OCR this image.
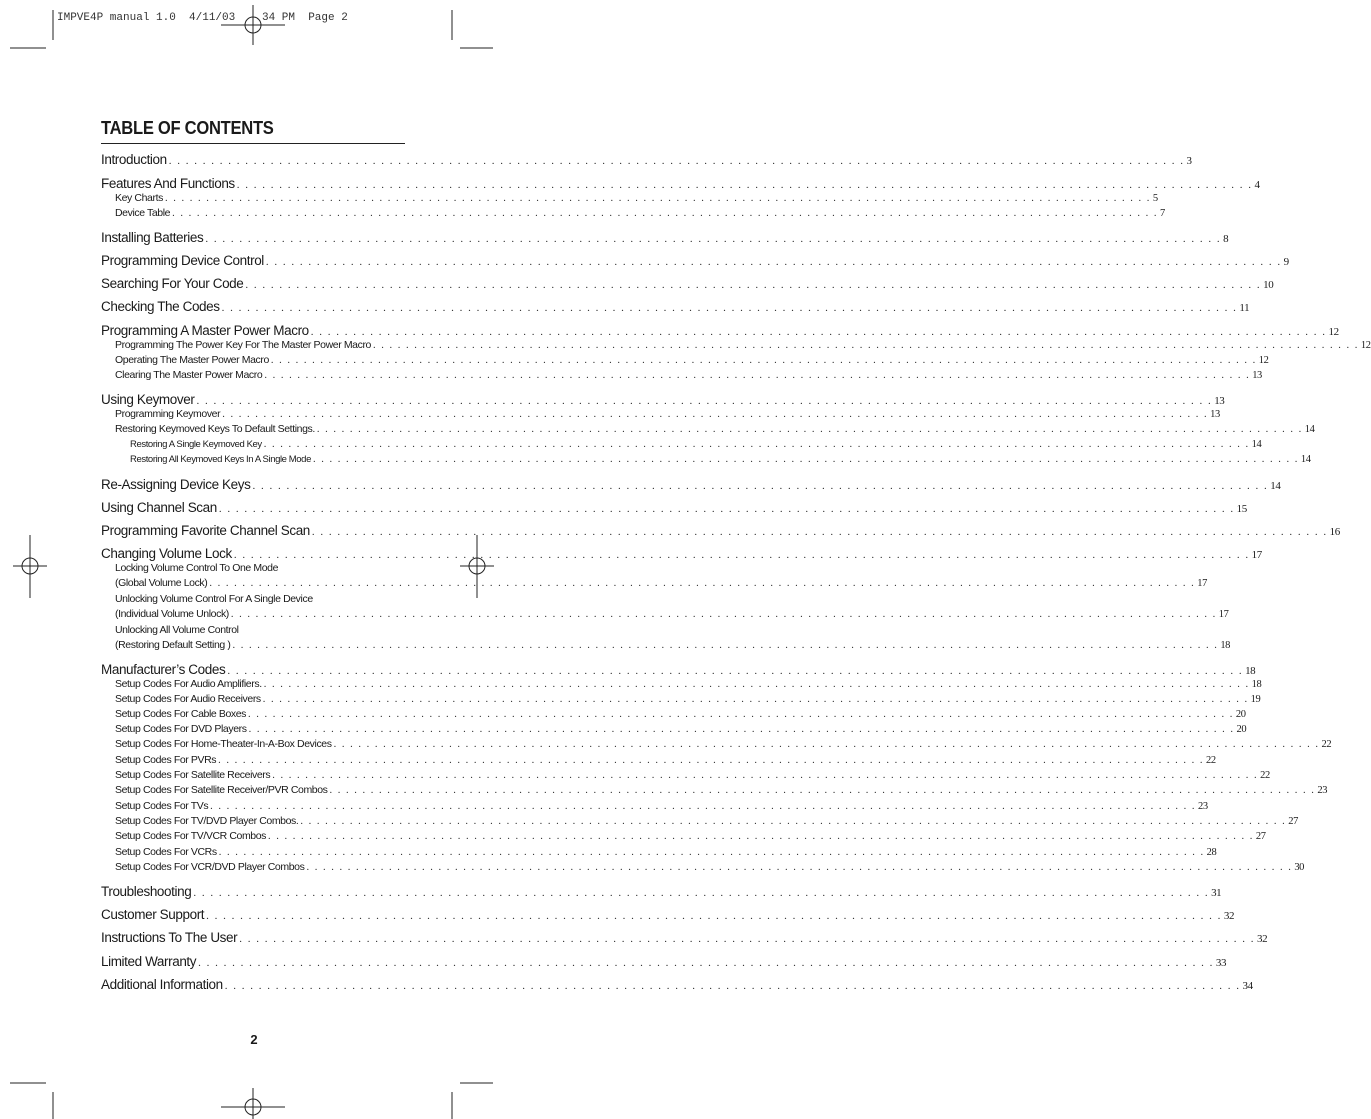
IMPVE4P manual 1.0  4/11/03 34 PM  Page 2
TABLE OF CONTENTS
Introduction . . . . . . . . . . . . . . . . . . . . . . . . . . . . . . . . . . . . . . . . . . . . . . . . . . . . . . . . . . . . . . . . . . . . . . . . . . . . . . . . . . . . . . . . . . . . . . . . . . . . . . . . . . . . . . . . . . . . . . . . 3
Features And Functions . . . . . . . . . . . . . . . . . . . . . . . . . . . . . . . . . . . . . . . . . . . . . . . . . . . . . . . . . . . . . . . . . . . . . . . . . . . . . . . . . . . . . . . . . . . . . . . . . . . . . . . . . . . . . . . . . . . . . . . . 4
Key Charts . . . . . . . . . . . . . . . . . . . . . . . . . . . . . . . . . . . . . . . . . . . . . . . . . . . . . . . . . . . . . . . . . . . . . . . . . . . . . . . . . . . . . . . . . . . . . . . . . . . . . . . . . . . . . . . . . . . . . . . . 5
Device Table . . . . . . . . . . . . . . . . . . . . . . . . . . . . . . . . . . . . . . . . . . . . . . . . . . . . . . . . . . . . . . . . . . . . . . . . . . . . . . . . . . . . . . . . . . . . . . . . . . . . . . . . . . . . . . . . . . . . . . . . 7
Installing Batteries . . . . . . . . . . . . . . . . . . . . . . . . . . . . . . . . . . . . . . . . . . . . . . . . . . . . . . . . . . . . . . . . . . . . . . . . . . . . . . . . . . . . . . . . . . . . . . . . . . . . . . . . . . . . . . . . . . . . . . . . 8
Programming Device Control . . . . . . . . . . . . . . . . . . . . . . . . . . . . . . . . . . . . . . . . . . . . . . . . . . . . . . . . . . . . . . . . . . . . . . . . . . . . . . . . . . . . . . . . . . . . . . . . . . . . . . . . . . . . . . . . . . . . . . . . 9
Searching For Your Code . . . . . . . . . . . . . . . . . . . . . . . . . . . . . . . . . . . . . . . . . . . . . . . . . . . . . . . . . . . . . . . . . . . . . . . . . . . . . . . . . . . . . . . . . . . . . . . . . . . . . . . . . . . . . . . . . . . . . . . . 10
Checking The Codes . . . . . . . . . . . . . . . . . . . . . . . . . . . . . . . . . . . . . . . . . . . . . . . . . . . . . . . . . . . . . . . . . . . . . . . . . . . . . . . . . . . . . . . . . . . . . . . . . . . . . . . . . . . . . . . . . . . . . . . . 11
Programming A Master Power Macro . . . . . . . . . . . . . . . . . . . . . . . . . . . . . . . . . . . . . . . . . . . . . . . . . . . . . . . . . . . . . . . . . . . . . . . . . . . . . . . . . . . . . . . . . . . . . . . . . . . . . . . . . . . . . . . . . . . . . . . . 12
Programming The Power Key For The Master Power Macro . . . . . . . . . . . . . . . . . . . . . . . . . . . . . . . . . . . . . . . . . . . . . . . . . . . . . . . . . . . . . . . . . . . . . . . . . . . . . . . . . . . . . . . . . . . . . . . . . . . . . . . . . . . . . . . . . . . . . . . . 12
Operating The Master Power Macro . . . . . . . . . . . . . . . . . . . . . . . . . . . . . . . . . . . . . . . . . . . . . . . . . . . . . . . . . . . . . . . . . . . . . . . . . . . . . . . . . . . . . . . . . . . . . . . . . . . . . . . . . . . . . . . . . . . . . . . . 12
Clearing The Master Power Macro . . . . . . . . . . . . . . . . . . . . . . . . . . . . . . . . . . . . . . . . . . . . . . . . . . . . . . . . . . . . . . . . . . . . . . . . . . . . . . . . . . . . . . . . . . . . . . . . . . . . . . . . . . . . . . . . . . . . . . . . 13
Using Keymover . . . . . . . . . . . . . . . . . . . . . . . . . . . . . . . . . . . . . . . . . . . . . . . . . . . . . . . . . . . . . . . . . . . . . . . . . . . . . . . . . . . . . . . . . . . . . . . . . . . . . . . . . . . . . . . . . . . . . . . . 13
Programming Keymover . . . . . . . . . . . . . . . . . . . . . . . . . . . . . . . . . . . . . . . . . . . . . . . . . . . . . . . . . . . . . . . . . . . . . . . . . . . . . . . . . . . . . . . . . . . . . . . . . . . . . . . . . . . . . . . . . . . . . . . . 13
Restoring Keymoved Keys To Default Settings. . . . . . . . . . . . . . . . . . . . . . . . . . . . . . . . . . . . . . . . . . . . . . . . . . . . . . . . . . . . . . . . . . . . . . . . . . . . . . . . . . . . . . . . . . . . . . . . . . . . . . . . . . . . . . . . . . . . . . . . . 14
Restoring A Single Keymoved Key . . . . . . . . . . . . . . . . . . . . . . . . . . . . . . . . . . . . . . . . . . . . . . . . . . . . . . . . . . . . . . . . . . . . . . . . . . . . . . . . . . . . . . . . . . . . . . . . . . . . . . . . . . . . . . . . . . . . . . . . 14
Restoring All Keymoved Keys In A Single Mode . . . . . . . . . . . . . . . . . . . . . . . . . . . . . . . . . . . . . . . . . . . . . . . . . . . . . . . . . . . . . . . . . . . . . . . . . . . . . . . . . . . . . . . . . . . . . . . . . . . . . . . . . . . . . . . . . . . . . . . . 14
Re-Assigning Device Keys . . . . . . . . . . . . . . . . . . . . . . . . . . . . . . . . . . . . . . . . . . . . . . . . . . . . . . . . . . . . . . . . . . . . . . . . . . . . . . . . . . . . . . . . . . . . . . . . . . . . . . . . . . . . . . . . . . . . . . . . 14
Using Channel Scan . . . . . . . . . . . . . . . . . . . . . . . . . . . . . . . . . . . . . . . . . . . . . . . . . . . . . . . . . . . . . . . . . . . . . . . . . . . . . . . . . . . . . . . . . . . . . . . . . . . . . . . . . . . . . . . . . . . . . . . . 15
Programming Favorite Channel Scan . . . . . . . . . . . . . . . . . . . . . . . . . . . . . . . . . . . . . . . . . . . . . . . . . . . . . . . . . . . . . . . . . . . . . . . . . . . . . . . . . . . . . . . . . . . . . . . . . . . . . . . . . . . . . . . . . . . . . . . . 16
Changing Volume Lock . . . . . . . . . . . . . . . . . . . . . . . . . . . . . . . . . . . . . . . . . . . . . . . . . . . . . . . . . . . . . . . . . . . . . . . . . . . . . . . . . . . . . . . . . . . . . . . . . . . . . . . . . . . . . . . . . . . . . . . . 17
Locking Volume Control To One Mode
(Global Volume Lock) . . . . . . . . . . . . . . . . . . . . . . . . . . . . . . . . . . . . . . . . . . . . . . . . . . . . . . . . . . . . . . . . . . . . . . . . . . . . . . . . . . . . . . . . . . . . . . . . . . . . . . . . . . . . . . . . . . . . . . . . 17
Unlocking Volume Control For A Single Device
(Individual Volume Unlock) . . . . . . . . . . . . . . . . . . . . . . . . . . . . . . . . . . . . . . . . . . . . . . . . . . . . . . . . . . . . . . . . . . . . . . . . . . . . . . . . . . . . . . . . . . . . . . . . . . . . . . . . . . . . . . . . . . . . . . . . 17
Unlocking All Volume Control
(Restoring Default Setting ) . . . . . . . . . . . . . . . . . . . . . . . . . . . . . . . . . . . . . . . . . . . . . . . . . . . . . . . . . . . . . . . . . . . . . . . . . . . . . . . . . . . . . . . . . . . . . . . . . . . . . . . . . . . . . . . . . . . . . . . . 18
Manufacturer’s Codes . . . . . . . . . . . . . . . . . . . . . . . . . . . . . . . . . . . . . . . . . . . . . . . . . . . . . . . . . . . . . . . . . . . . . . . . . . . . . . . . . . . . . . . . . . . . . . . . . . . . . . . . . . . . . . . . . . . . . . . . 18
Setup Codes For Audio Amplifiers. . . . . . . . . . . . . . . . . . . . . . . . . . . . . . . . . . . . . . . . . . . . . . . . . . . . . . . . . . . . . . . . . . . . . . . . . . . . . . . . . . . . . . . . . . . . . . . . . . . . . . . . . . . . . . . . . . . . . . . . . 18
Setup Codes For Audio Receivers . . . . . . . . . . . . . . . . . . . . . . . . . . . . . . . . . . . . . . . . . . . . . . . . . . . . . . . . . . . . . . . . . . . . . . . . . . . . . . . . . . . . . . . . . . . . . . . . . . . . . . . . . . . . . . . . . . . . . . . . 19
Setup Codes For Cable Boxes . . . . . . . . . . . . . . . . . . . . . . . . . . . . . . . . . . . . . . . . . . . . . . . . . . . . . . . . . . . . . . . . . . . . . . . . . . . . . . . . . . . . . . . . . . . . . . . . . . . . . . . . . . . . . . . . . . . . . . . . 20
Setup Codes For DVD Players . . . . . . . . . . . . . . . . . . . . . . . . . . . . . . . . . . . . . . . . . . . . . . . . . . . . . . . . . . . . . . . . . . . . . . . . . . . . . . . . . . . . . . . . . . . . . . . . . . . . . . . . . . . . . . . . . . . . . . . . 20
Setup Codes For Home-Theater-In-A-Box Devices . . . . . . . . . . . . . . . . . . . . . . . . . . . . . . . . . . . . . . . . . . . . . . . . . . . . . . . . . . . . . . . . . . . . . . . . . . . . . . . . . . . . . . . . . . . . . . . . . . . . . . . . . . . . . . . . . . . . . . . . 22
Setup Codes For PVRs . . . . . . . . . . . . . . . . . . . . . . . . . . . . . . . . . . . . . . . . . . . . . . . . . . . . . . . . . . . . . . . . . . . . . . . . . . . . . . . . . . . . . . . . . . . . . . . . . . . . . . . . . . . . . . . . . . . . . . . . 22
Setup Codes For Satellite Receivers . . . . . . . . . . . . . . . . . . . . . . . . . . . . . . . . . . . . . . . . . . . . . . . . . . . . . . . . . . . . . . . . . . . . . . . . . . . . . . . . . . . . . . . . . . . . . . . . . . . . . . . . . . . . . . . . . . . . . . . . 22
Setup Codes For Satellite Receiver/PVR Combos . . . . . . . . . . . . . . . . . . . . . . . . . . . . . . . . . . . . . . . . . . . . . . . . . . . . . . . . . . . . . . . . . . . . . . . . . . . . . . . . . . . . . . . . . . . . . . . . . . . . . . . . . . . . . . . . . . . . . . . . 23
Setup Codes For TVs . . . . . . . . . . . . . . . . . . . . . . . . . . . . . . . . . . . . . . . . . . . . . . . . . . . . . . . . . . . . . . . . . . . . . . . . . . . . . . . . . . . . . . . . . . . . . . . . . . . . . . . . . . . . . . . . . . . . . . . . 23
Setup Codes For TV/DVD Player Combos. . . . . . . . . . . . . . . . . . . . . . . . . . . . . . . . . . . . . . . . . . . . . . . . . . . . . . . . . . . . . . . . . . . . . . . . . . . . . . . . . . . . . . . . . . . . . . . . . . . . . . . . . . . . . . . . . . . . . . . . . 27
Setup Codes For TV/VCR Combos . . . . . . . . . . . . . . . . . . . . . . . . . . . . . . . . . . . . . . . . . . . . . . . . . . . . . . . . . . . . . . . . . . . . . . . . . . . . . . . . . . . . . . . . . . . . . . . . . . . . . . . . . . . . . . . . . . . . . . . . 27
Setup Codes For VCRs . . . . . . . . . . . . . . . . . . . . . . . . . . . . . . . . . . . . . . . . . . . . . . . . . . . . . . . . . . . . . . . . . . . . . . . . . . . . . . . . . . . . . . . . . . . . . . . . . . . . . . . . . . . . . . . . . . . . . . . . 28
Setup Codes For VCR/DVD Player Combos . . . . . . . . . . . . . . . . . . . . . . . . . . . . . . . . . . . . . . . . . . . . . . . . . . . . . . . . . . . . . . . . . . . . . . . . . . . . . . . . . . . . . . . . . . . . . . . . . . . . . . . . . . . . . . . . . . . . . . . . 30
Troubleshooting . . . . . . . . . . . . . . . . . . . . . . . . . . . . . . . . . . . . . . . . . . . . . . . . . . . . . . . . . . . . . . . . . . . . . . . . . . . . . . . . . . . . . . . . . . . . . . . . . . . . . . . . . . . . . . . . . . . . . . . . 31
Customer Support . . . . . . . . . . . . . . . . . . . . . . . . . . . . . . . . . . . . . . . . . . . . . . . . . . . . . . . . . . . . . . . . . . . . . . . . . . . . . . . . . . . . . . . . . . . . . . . . . . . . . . . . . . . . . . . . . . . . . . . . 32
Instructions To The User . . . . . . . . . . . . . . . . . . . . . . . . . . . . . . . . . . . . . . . . . . . . . . . . . . . . . . . . . . . . . . . . . . . . . . . . . . . . . . . . . . . . . . . . . . . . . . . . . . . . . . . . . . . . . . . . . . . . . . . . 32
Limited Warranty . . . . . . . . . . . . . . . . . . . . . . . . . . . . . . . . . . . . . . . . . . . . . . . . . . . . . . . . . . . . . . . . . . . . . . . . . . . . . . . . . . . . . . . . . . . . . . . . . . . . . . . . . . . . . . . . . . . . . . . . 33
Additional Information . . . . . . . . . . . . . . . . . . . . . . . . . . . . . . . . . . . . . . . . . . . . . . . . . . . . . . . . . . . . . . . . . . . . . . . . . . . . . . . . . . . . . . . . . . . . . . . . . . . . . . . . . . . . . . . . . . . . . . . . 34
2
